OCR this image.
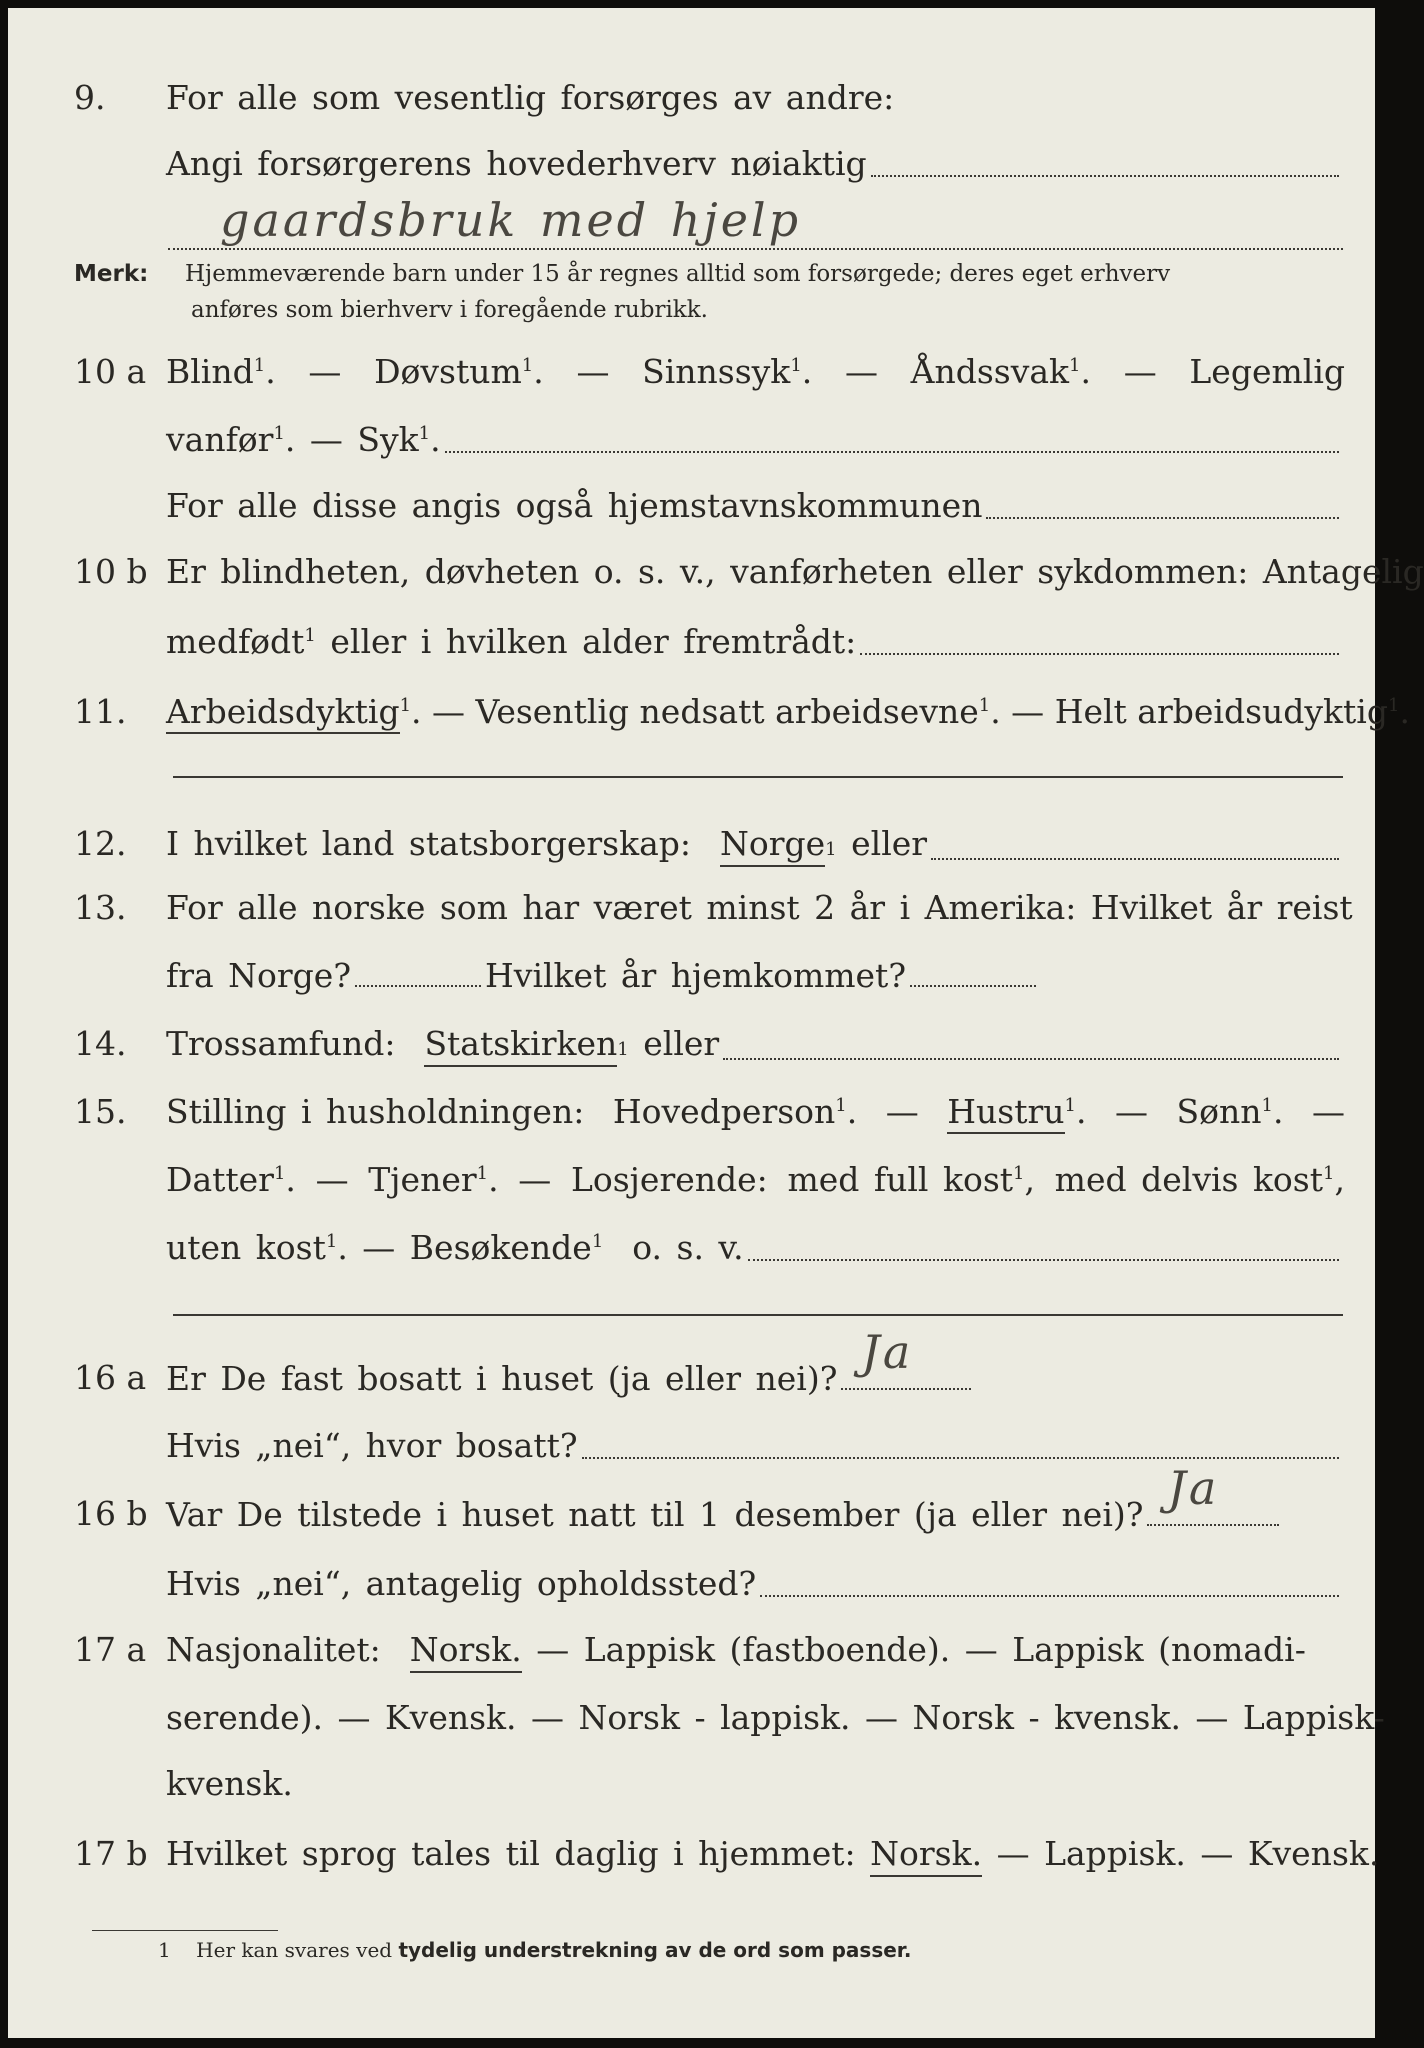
9.	For alle som vesentlig forsørges av andre:
Angi forsørgerens hovederhverv nøiaktig
gaardsbruk med hjelp
Merk: Hjemmeværende barn under 15 år regnes alltid som forsørgede; deres eget erhverv
anføres som bierhverv i foregående rubrikk.
10 a Blind$^1$. — Døvstum$^1$. — Sinnssyk$^1$. — Åndssvak$^1$. — Legemlig
vanfør$^1$. — Syk$^1$.
For alle disse angis også hjemstavnskommunen
10 b Er blindheten, døvheten o. s. v., vanførheten eller sykdommen: Antagelig
medfødt$^1$ eller i hvilken alder fremtrådt:
11.	Arbeidsdyktig$^1$. — Vesentlig nedsatt arbeidsevne$^1$. — Helt arbeidsudyktig$^1$.
12.	I hvilket land statsborgerskap:
Norge 1
eller
13.	For alle norske som har været minst 2 år i Amerika: Hvilket år reist
fra Norge?	Hvilket år hjemkommet?
14.	Trossamfund:
Statskirken 1
eller
15.	Stilling i husholdningen: Hovedperson$^1$. — Hustru$^1$. — Sønn$^1$. —
Datter$^1$. — Tjener$^1$. — Losjerende: med full kost$^1$, med delvis kost$^1$,
uten kost$^1$. — Besøkende$^1$ o. s. v.
16 a Er De fast bosatt i huset (ja eller nei)? Ja
Hvis „nei“, hvor bosatt?
16 b Var De tilstede i huset natt til 1 desember (ja eller nei)? Ja
Hvis „nei“, antagelig opholdssted?
17 a Nasjonalitet:
Norsk.
— Lappisk (fastboende). — Lappisk (nomadi-
serende). — Kvensk. — Norsk - lappisk. — Norsk - kvensk. — Lappisk-
kvensk.
17 b Hvilket sprog tales til daglig i hjemmet:
Norsk.
— Lappisk. — Kvensk.
1 Her kan svares ved tydelig understrekning av de ord som passer.
